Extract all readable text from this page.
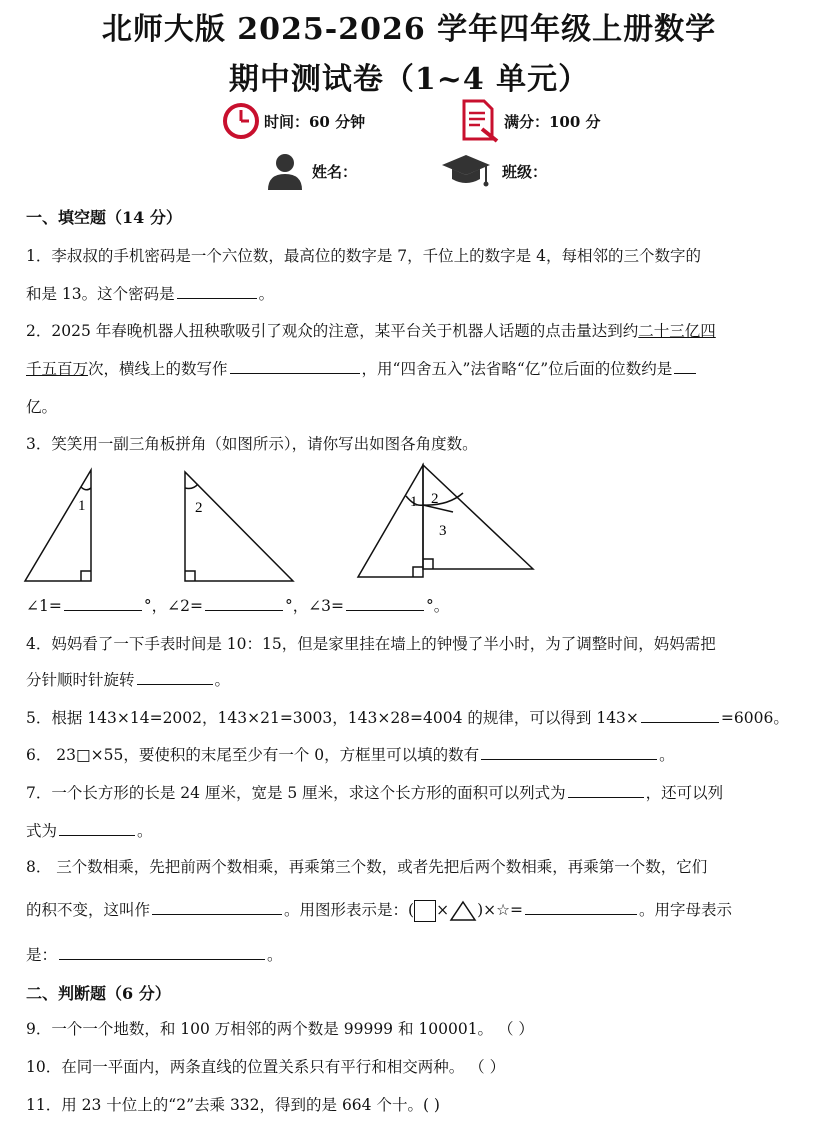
北师大版 2025-2026 学年四年级上册数学
期中测试卷（1~4 单元）
时间：60 分钟	满分：100 分
姓名：	班级：
一、填空题（14 分）
1．李叔叔的手机密码是一个六位数，最高位的数字是 7，千位上的数字是 4，每相邻的三个数字的
和是 13。这个密码是	。
2．2025 年春晚机器人扭秧歌吸引了观众的注意，某平台关于机器人话题的点击量达到约二十三亿四
千五百万次，横线上的数写作	，用“四舍五入”法省略“亿”位后面的位数约是
亿。
3．笑笑用一副三角板拼角（如图所示），请你写出如图各角度数。
1	2	1 2
3
∠1=	°，∠2=	°，∠3=	°。
4．妈妈看了一下手表时间是 10：15，但是家里挂在墙上的钟慢了半小时，为了调整时间，妈妈需把
分针顺时针旋转	。
5．根据 143×14=2002，143×21=3003，143×28=4004 的规律，可以得到 143×	=6006。
6． 23□×55，要使积的末尾至少有一个 0，方框里可以填的数有	。
7．一个长方形的长是 24 厘米，宽是 5 厘米，求这个长方形的面积可以列式为	，还可以列
式为	。
8． 三个数相乘，先把前两个数相乘，再乘第三个数，或者先把后两个数相乘，再乘第一个数，它们
的积不变，这叫作	。用图形表示是：( × )×☆=	。用字母表示
是：	。
二、判断题（6 分）
9．一个一个地数，和 100 万相邻的两个数是 99999 和 100001。 （ ）
10．在同一平面内，两条直线的位置关系只有平行和相交两种。 （ ）
11．用 23 十位上的“2”去乘 332，得到的是 664 个十。( )
